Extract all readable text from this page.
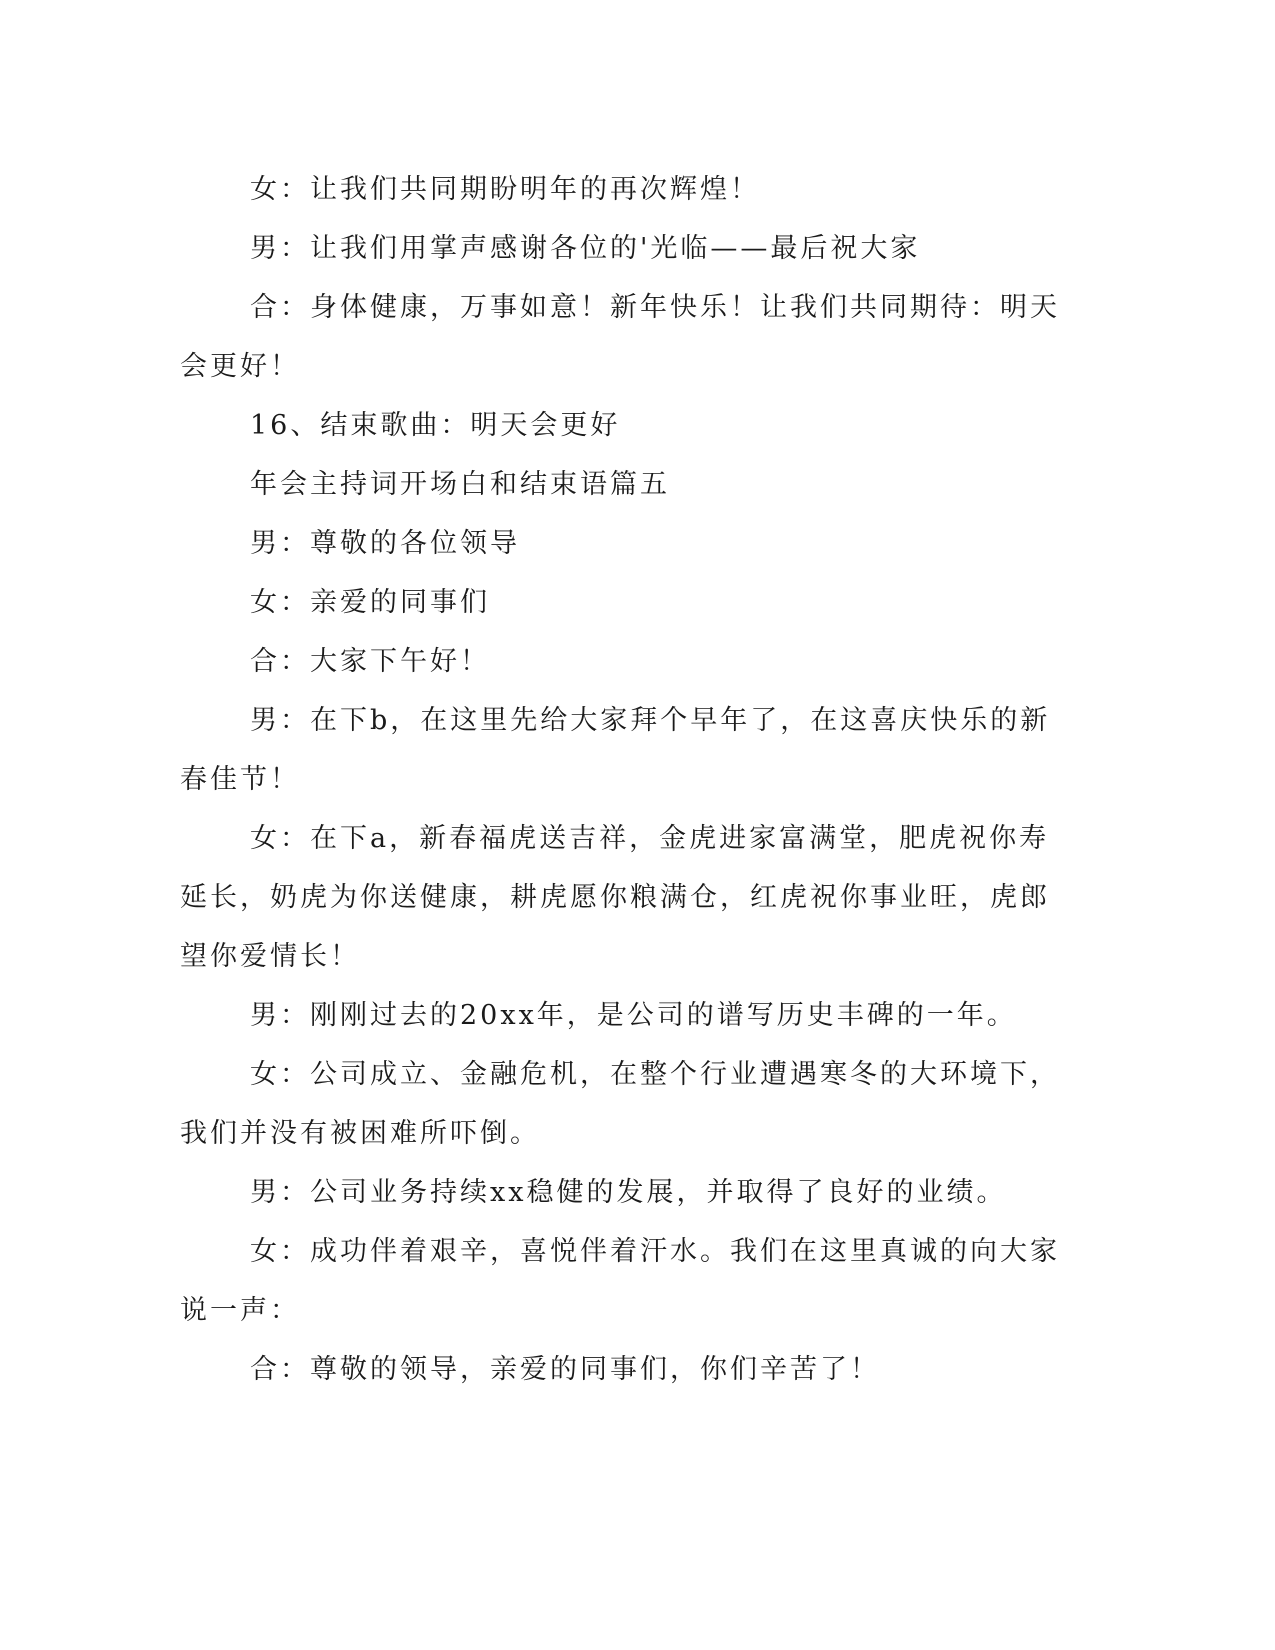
女：让我们共同期盼明年的再次辉煌！

男：让我们用掌声感谢各位的'光临——最后祝大家

合：身体健康，万事如意！新年快乐！让我们共同期待：明天会更好！

16、结束歌曲：明天会更好

年会主持词开场白和结束语篇五

男：尊敬的各位领导

女：亲爱的同事们

合：大家下午好！

男：在下b，在这里先给大家拜个早年了，在这喜庆快乐的新春佳节！

女：在下a，新春福虎送吉祥，金虎进家富满堂，肥虎祝你寿延长，奶虎为你送健康，耕虎愿你粮满仓，红虎祝你事业旺，虎郎望你爱情长！

男：刚刚过去的20xx年，是公司的谱写历史丰碑的一年。

女：公司成立、金融危机，在整个行业遭遇寒冬的大环境下，我们并没有被困难所吓倒。

男：公司业务持续xx稳健的发展，并取得了良好的业绩。

女：成功伴着艰辛，喜悦伴着汗水。我们在这里真诚的向大家说一声：

合：尊敬的领导，亲爱的同事们，你们辛苦了！
